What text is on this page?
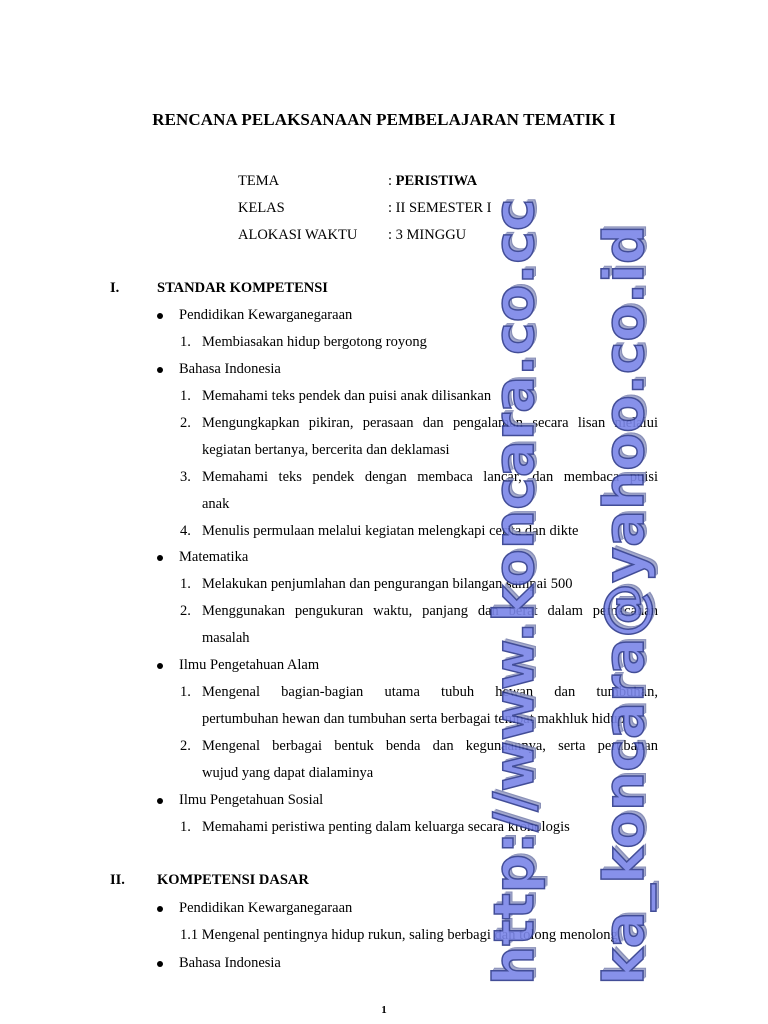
RENCANA PELAKSANAAN PEMBELAJARAN TEMATIK I
TEMA	: PERISTIWA
KELAS	: II SEMESTER I
ALOKASI WAKTU : 3 MINGGU
I.	STANDAR KOMPETENSI
Pendidikan Kewarganegaraan
1. Membiasakan hidup bergotong royong
Bahasa Indonesia
1. Memahami teks pendek dan puisi anak dilisankan
2. Mengungkapkan pikiran, perasaan dan pengalaman secara lisan melalui
kegiatan bertanya, bercerita dan deklamasi
3. Memahami teks pendek dengan membaca lancar, dan membaca puisi
anak
4. Menulis permulaan melalui kegiatan melengkapi cerita dan dikte
Matematika
1. Melakukan penjumlahan dan pengurangan bilangan sampai 500
2. Menggunakan pengukuran waktu, panjang dan berat dalam pemecahan
masalah
Ilmu Pengetahuan Alam
1. Mengenal bagian-bagian utama tubuh hewan dan tumbuhan,
pertumbuhan hewan dan tumbuhan serta berbagai tempat makhluk hidup
2. Mengenal berbagai bentuk benda dan kegunaannya, serta perubahan
wujud yang dapat dialaminya
Ilmu Pengetahuan Sosial
1. Memahami peristiwa penting dalam keluarga secara kronologis
II. KOMPETENSI DASAR
Pendidikan Kewarganegaraan
1.1 Mengenal pentingnya hidup rukun, saling berbagi dan tolong menolong
Bahasa Indonesia
1
http://www.koncara.co.cc ka_koncara@yahoo.co.id
